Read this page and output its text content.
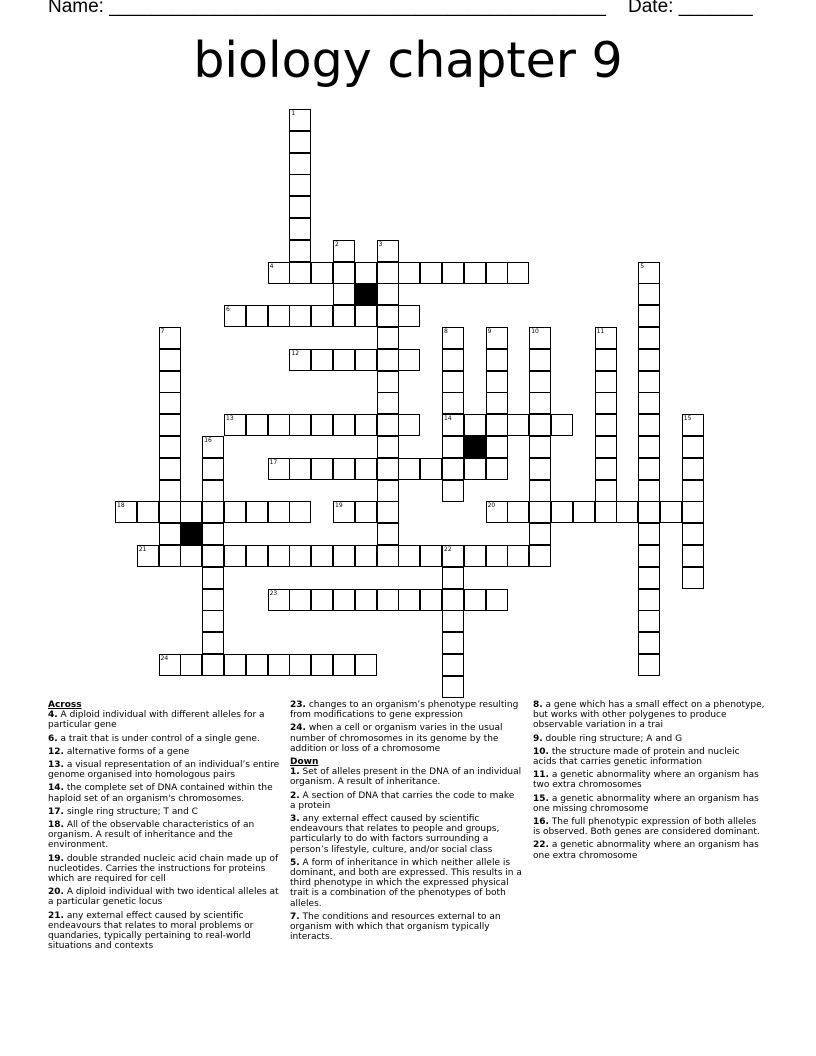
Name: _______________________________________________ Date: _______
biology chapter 9
1
2	3
4	5
6
7	8
14
9	10	11
12
13	15
16
17
18	19	20
21	22
23
24
Across
4. A diploid individual with different alleles for a particular gene
6. a trait that is under control of a single gene.
12. alternative forms of a gene
13. a visual representation of an individual’s entire genome organised into homologous pairs
14. the complete set of DNA contained within the haploid set of an organism's chromosomes.
17. single ring structure; T and C
18. All of the observable characteristics of an organism. A result of inheritance and the environment.
19. double stranded nucleic acid chain made up of nucleotides. Carries the instructions for proteins which are required for cell
20. A diploid individual with two identical alleles at a particular genetic locus
21. any external effect caused by scientific endeavours that relates to moral problems or quandaries, typically pertaining to real-world situations and contexts
23. changes to an organism’s phenotype resulting from modifications to gene expression
24. when a cell or organism varies in the usual number of chromosomes in its genome by the addition or loss of a chromosome
Down
1. Set of alleles present in the DNA of an individual organism. A result of inheritance.
2. A section of DNA that carries the code to make a protein
3. any external effect caused by scientific endeavours that relates to people and groups, particularly to do with factors surrounding a person’s lifestyle, culture, and/or social class
5. A form of inheritance in which neither allele is dominant, and both are expressed. This results in a third phenotype in which the expressed physical trait is a combination of the phenotypes of both alleles.
7. The conditions and resources external to an organism with which that organism typically interacts.
8. a gene which has a small effect on a phenotype, but works with other polygenes to produce observable variation in a trai
9. double ring structure; A and G
10. the structure made of protein and nucleic acids that carries genetic information
11. a genetic abnormality where an organism has two extra chromosomes
15. a genetic abnormality where an organism has one missing chromosome
16. The full phenotypic expression of both alleles is observed. Both genes are considered dominant.
22. a genetic abnormality where an organism has one extra chromosome
